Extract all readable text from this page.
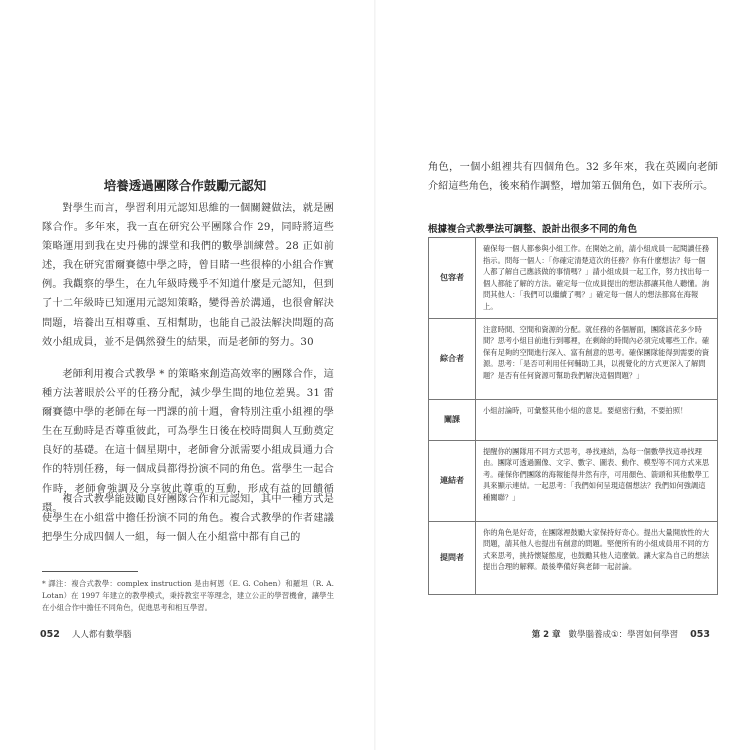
培養透過團隊合作鼓勵元認知

對學生而言，學習利用元認知思維的一個關鍵做法，就是團隊合作。多年來，我一直在研究公平團隊合作 29，同時將這些策略運用到我在史丹佛的課堂和我們的數學訓練營。28 正如前述，我在研究雷爾賽德中學之時，曾目睹一些很棒的小組合作實例。我觀察的學生，在九年級時幾乎不知道什麼是元認知，但到了十二年級時已知運用元認知策略，變得善於溝通，也很會解決問題，培養出互相尊重、互相幫助，也能自己設法解決問題的高效小組成員，並不是偶然發生的結果，而是老師的努力。30

老師利用複合式教學 * 的策略來創造高效率的團隊合作，這種方法著眼於公平的任務分配，減少學生間的地位差異。31 雷爾賽德中學的老師在每一門課的前十週，會特別注重小組裡的學生在互動時是否尊重彼此，可為學生日後在校時間與人互動奠定良好的基礎。在這十個星期中，老師會分派需要小組成員通力合作的特別任務，每一個成員都得扮演不同的角色。當學生一起合作時，老師會強調及分享彼此尊重的互動，形成有益的回饋循環。

複合式教學能鼓勵良好團隊合作和元認知，其中一種方式是使學生在小組當中擔任扮演不同的角色。複合式教學的作者建議把學生分成四個人一組，每一個人在小組當中都有自己的

* 譯注：複合式教學：complex instruction 是由柯恩（E. G. Cohen）和羅坦（R. A. Lotan）在 1997 年建立的教學模式，秉持教室平等理念，建立公正的學習機會，讓學生在小組合作中擔任不同角色，促進思考和相互學習。
052 人人都有數學腦
角色，一個小組裡共有四個角色。32 多年來，我在英國向老師介紹這些角色，後來稍作調整，增加第五個角色，如下表所示。
根據複合式教學法可調整、設計出很多不同的角色
包容者	確保每一個人都參與小組工作。在開始之前，請小組成員一起閱讀任務指示。問每一個人：「你確定清楚這次的任務？你有什麼想法？每一個人都了解自己應該做的事情嗎？」請小組成員一起工作，努力找出每一個人都能了解的方法。確定每一位成員提出的想法都讓其他人聽懂。詢問其他人：「我們可以繼續了嗎？」確定每一個人的想法都寫在海報上。
綜合者	注意時間、空間和資源的分配。就任務的各個層面，團隊該花多少時間？思考小組目前進行到哪裡，在剩餘的時間內必須完成哪些工作。確保有足夠的空間進行深入、富有創意的思考。確保團隊能得到需要的資源。思考：「是否可利用任何輔助工具，以視覺化的方式更深入了解問題？是否有任何資源可幫助我們解決這個問題？」
闡課	小組討論時，可彙整其他小組的意見。要絕密行動，不要拍照！
連結者	提醒你的團隊用不同方式思考，尋找連結，為每一個數學找這尋找理由。團隊可透過圖像、文字、數字、圖表、動作、模型等不同方式來思考。確保你們團隊的海報能得井然有序，可用顏色、箭頭和其他數學工具來顯示連結。一起思考：「我們如何呈現這個想法？我們如何強調這種關聯？」
提問者	你的角色是好奇，在團隊裡鼓勵大家保持好奇心。提出大量開放性的大問題，請其他人也提出有創意的問題。堅便所有的小組成員用不同的方式來思考，挑持懷疑態度，也鼓勵其他人這麼做。讓大家為自己的想法提出合理的解釋。最後準備好與老師一起討論。
第 2 章 數學腦養成①：學習如何學習 053
